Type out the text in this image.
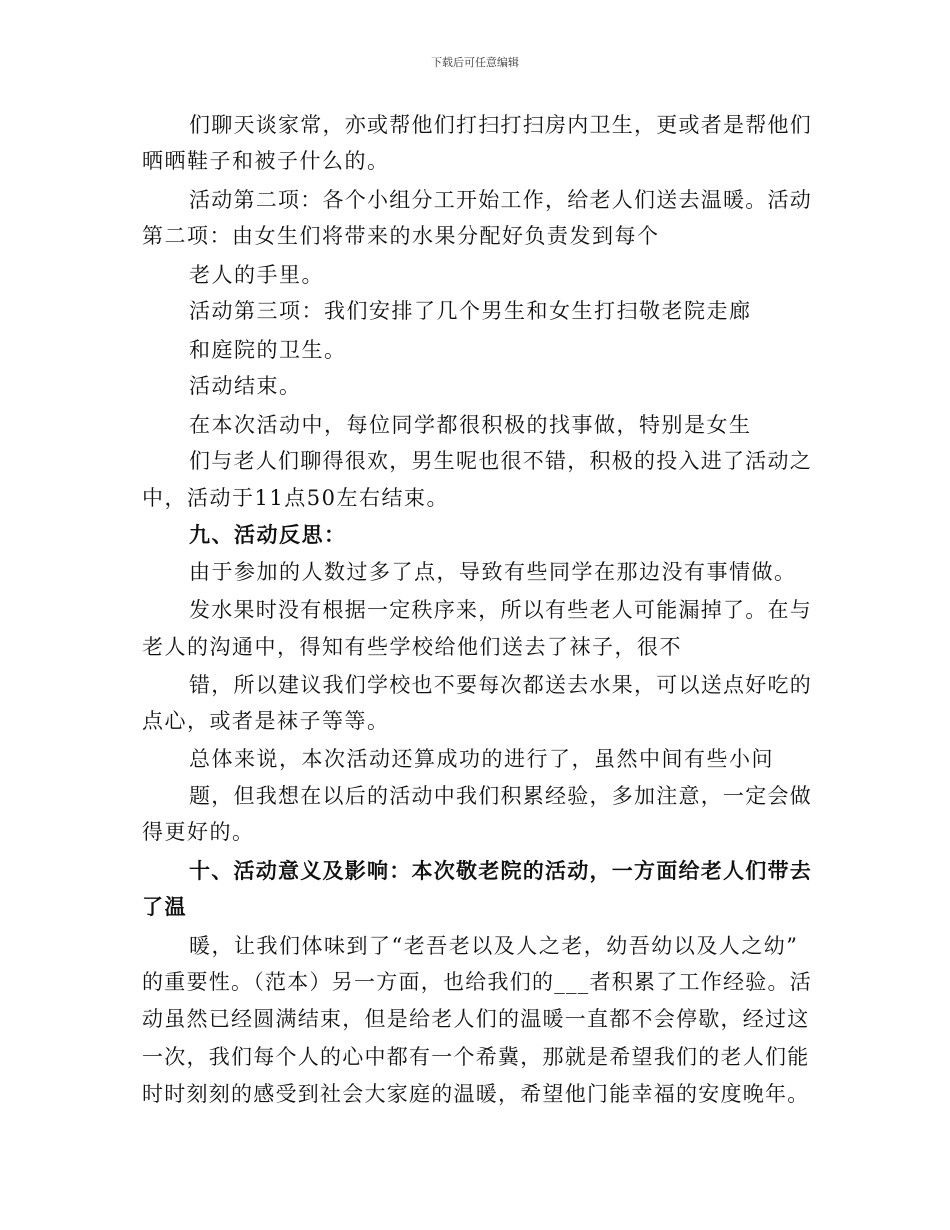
下载后可任意编辑
们聊天谈家常，亦或帮他们打扫打扫房内卫生，更或者是帮他们
晒晒鞋子和被子什么的。
活动第二项：各个小组分工开始工作，给老人们送去温暖。活动
第二项：由女生们将带来的水果分配好负责发到每个
老人的手里。
活动第三项：我们安排了几个男生和女生打扫敬老院走廊
和庭院的卫生。
活动结束。
在本次活动中，每位同学都很积极的找事做，特别是女生
们与老人们聊得很欢，男生呢也很不错，积极的投入进了活动之
中，活动于11点50左右结束。
九、活动反思：
由于参加的人数过多了点，导致有些同学在那边没有事情做。
发水果时没有根据一定秩序来，所以有些老人可能漏掉了。在与
老人的沟通中，得知有些学校给他们送去了袜子，很不
错，所以建议我们学校也不要每次都送去水果，可以送点好吃的
点心，或者是袜子等等。
总体来说，本次活动还算成功的进行了，虽然中间有些小问
题，但我想在以后的活动中我们积累经验，多加注意，一定会做
得更好的。
十、活动意义及影响：本次敬老院的活动，一方面给老人们带去
了温
暖，让我们体味到了“老吾老以及人之老，幼吾幼以及人之幼”
的重要性。（范本）另一方面，也给我们的___者积累了工作经验。活
动虽然已经圆满结束，但是给老人们的温暖一直都不会停歇，经过这
一次，我们每个人的心中都有一个希冀，那就是希望我们的老人们能
时时刻刻的感受到社会大家庭的温暖，希望他门能幸福的安度晚年。
